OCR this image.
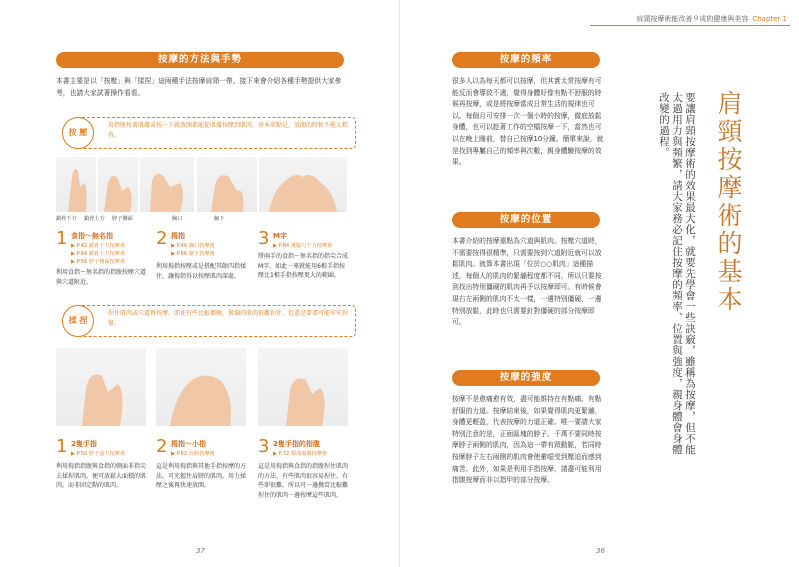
按摩的方法與手勢
本書主要是以「按壓」與「揉捏」這兩種手法按摩肩頸一帶。接下來會介紹各種手勢提供大家參考，也請大家試著操作看看。
按 壓
用指腹按著肌膚或按一下就放開都能從肌膚按壓到肌肉，基本重點是，放開的時候不能太粗魯。
鎖骨下方 鎖骨上方 脖子側面	胸口	腋下
1 食指～無名指
▶ P.42 鎖骨下方按摩術
▶ P.64 鎖骨上方按摩術
▶ P.56 脖子側面按摩術
利用食指～無名指的指腹按壓穴道與穴道附近。
2 拇指
▶ P.46 胸口按摩術
▶ P.66 腋下按摩術
利用拇指按壓或是搭配其餘四指揉住，讓拇指得以按壓肌肉深處。
3 M字
▶ P.84 後腦勺下方按摩術
將兩手的食指～無名指的指尖合成M字，如此一來就能用6根手指按壓比1根手指按壓更大的範圍。
揉 捏
捏住肌肉或穴道再按摩，即使有些比較僵硬、緊繃的肌肉很難捏住，但還是要盡可能牢牢捏緊。
1 2隻手指
▶ P.50 脖子前方按摩術
利用拇指指腹與食指的側面非指尖去揉捏肌肉，便可放鬆大面積的肌肉，而非固定點的肌肉。
2 拇指～小指
▶ P.62 肩膀按摩術
這是利用拇指與其他手指按摩的方法。可充握住肩膀的肌肉，用力揉壓之後再快速放開。
3 2隻手指的指腹
▶ P.72 頸部後側按摩術
這是用拇指與食指的指腹捏住肌肉的方法，有些肌肉很容易捏住，有些卻很難，所以可一邊撫當比較難捏住的肌肉一邊按摩這些肌肉。
37
肩頸按摩術能改善９成的健康與美容 Chapter 1
按摩的頻率
很多人以為每天都可以按摩，但其實太常按摩有可能反而會導致不適，覺得身體好像有點不舒服的時候再按摩，或是將按摩當成日常生活的規律也可以。每個月可安排一次一個小時的按摩，徹底放鬆身體，也可以趁著工作的空檔按摩一下，當然也可以在晚上睡前，替自己按摩10分鐘。簡單來說，就是找到專屬自己的頻率與次數，親身體驗按摩的效果。
按摩的位置
本書介紹的按摩重點為穴道與肌肉。按壓穴道時，不需要按得很精準，只需要按到穴道附近就可以放鬆肌肉。就算本書出現「位於○○肌肉」這種描述，每個人的肌肉的緊繃程度都不同，所以只要按到找出特別僵硬的肌肉再予以按摩即可。有時候會現右左兩側的肌肉不太一樣，一邊特別僵硬、一邊特別放鬆，此時也只需要針對僵硬的部分按摩即可。
按摩的強度
按摩不是愈痛愈有效，盡可能維持在有點痛、有點舒服的力道。按摩結束後，如果覺得肌肉更緊繃，身體更輕盈，代表按摩的力道正確。唯一要請大家特別注意的是，正面區塊的脖子，千萬不要同時按摩脖子兩側的肌肉，因為這一帶有頸動脈，若同時按摩脖子左右兩側的肌肉會使暈噁受到壓迫而感到痛苦。此外，如果是利用手指按摩，請盡可能利用指腹按摩而非以指甲的部分按摩。
肩頸按摩術的基本
要讓肩頸按摩術的效果最大化，就要先學會一些訣竅，雖稱為按摩，但不能太過用力與頻繁，請大家務必記住按摩的頻率、位置與強度，親身體會身體改變的過程。
36
